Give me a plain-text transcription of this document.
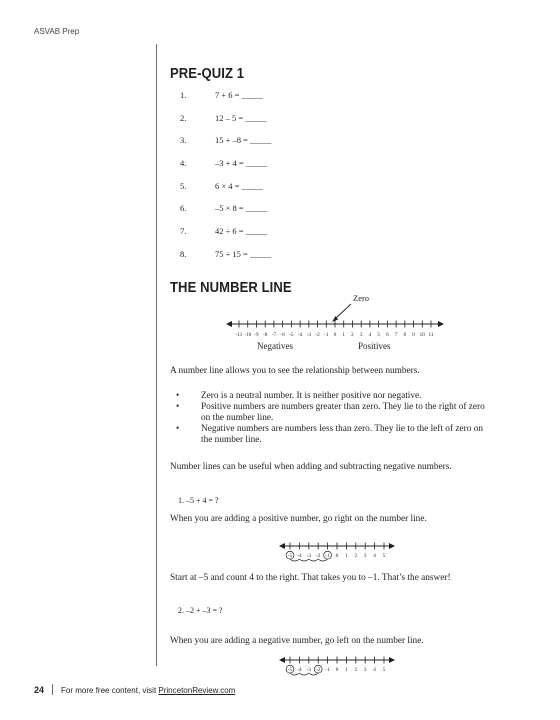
ASVAB Prep
PRE-QUIZ 1
1.	7 + 6 = _____
2.	12 – 5 = _____
3.	15 + –8 = _____
4.	–3 + 4 = _____
5.	6 × 4 = _____
6.	–5 × 8 = _____
7.	42 ÷ 6 = _____
8.	75 ÷ 15 = _____
THE NUMBER LINE
Zero
-11 -10 -9 -8 -7 -6 -5 -4 -3 -2 -1 0 1 2 3 4 5 6 7 8 9 10 11
Negatives	Positives

A number line allows you to see the relationship between numbers.

• Zero is a neutral number. It is neither positive nor negative.
• Positive numbers are numbers greater than zero. They lie to the right of zero on the number line.
• Negative numbers are numbers less than zero. They lie to the left of zero on the number line.

Number lines can be useful when adding and subtracting negative numbers.

1. –5 + 4 = ?

When you are adding a positive number, go right on the number line.

-5 -4 -3 -2 -1 0 1 2 3 4 5

Start at –5 and count 4 to the right. That takes you to –1. That’s the answer!

2. –2 + –3 = ?

When you are adding a negative number, go left on the number line.

-5 -4 -3 -2 -1 0 1 2 3 4 5
24 For more free content, visit PrincetonReview.com
